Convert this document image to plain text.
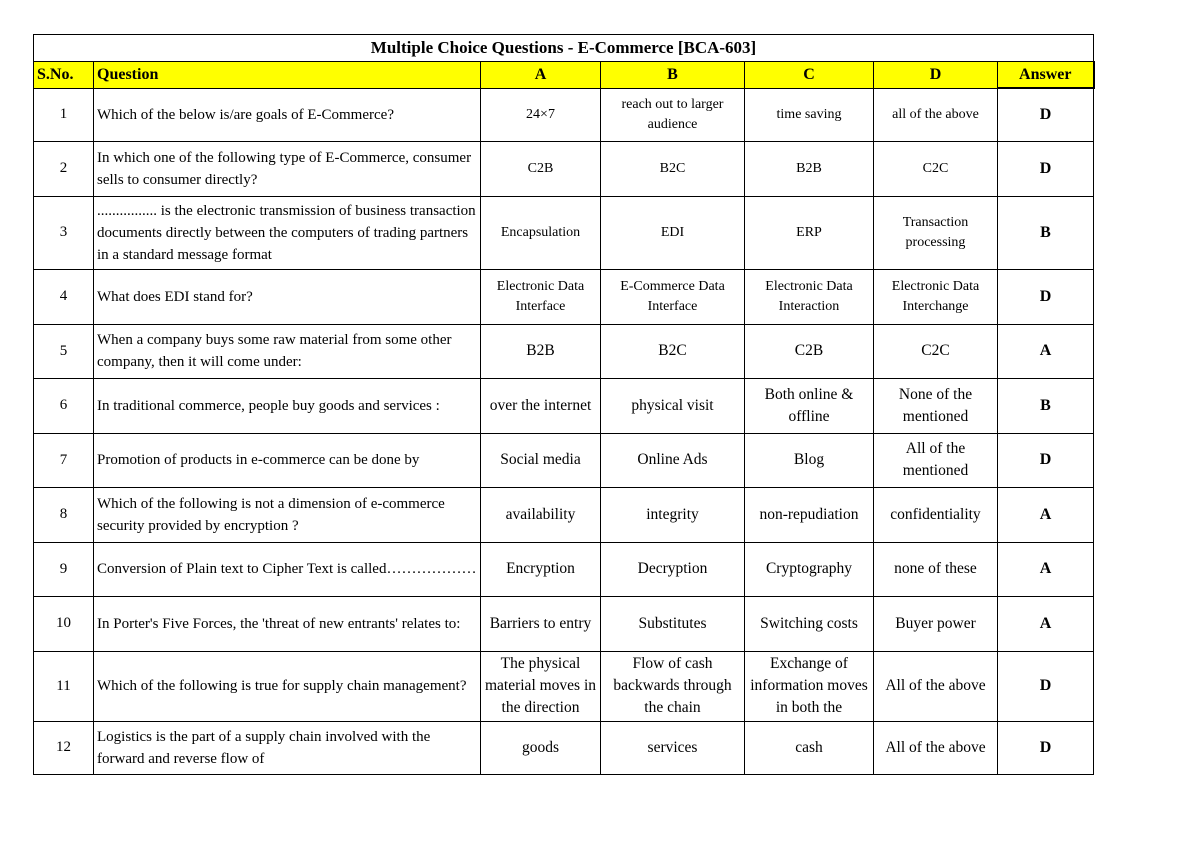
Multiple Choice Questions - E-Commerce [BCA-603]						
S.No.	Question	A	B	C	D	Answer
1	Which of the below is/are goals of E-Commerce?	24×7	reach out to larger audience	time saving	all of the above	D
2	In which one of the following type of E-Commerce, consumer sells to consumer directly?	C2B	B2C	B2B	C2C	D
3	................ is the electronic transmission of business transaction documents directly between the computers of trading partners in a standard message format	Encapsulation	EDI	ERP	Transaction processing	B
4	What does EDI stand for?	Electronic Data Interface	E-Commerce Data Interface	Electronic Data Interaction	Electronic Data Interchange	D
5	When a company buys some raw material from some other company, then it will come under:	B2B	B2C	C2B	C2C	A
6	In traditional commerce, people buy goods and services :	over the internet	physical visit	Both online & offline	None of the mentioned	B
7	Promotion of products in e-commerce can be done by	Social media	Online Ads	Blog	All of the mentioned	D
8	Which of the following is not a dimension of e-commerce security provided by encryption ?	availability	integrity	non-repudiation	confidentiality	A
9	Conversion of Plain text to Cipher Text is called………………	Encryption	Decryption	Cryptography	none of these	A
10	In Porter's Five Forces, the 'threat of new entrants' relates to:	Barriers to entry	Substitutes	Switching costs	Buyer power	A
11	Which of the following is true for supply chain management?	The physical material moves in the direction	Flow of cash backwards through the chain	Exchange of information moves in both the	All of the above	D
12	Logistics is the part of a supply chain involved with the forward and reverse flow of	goods	services	cash	All of the above	D
